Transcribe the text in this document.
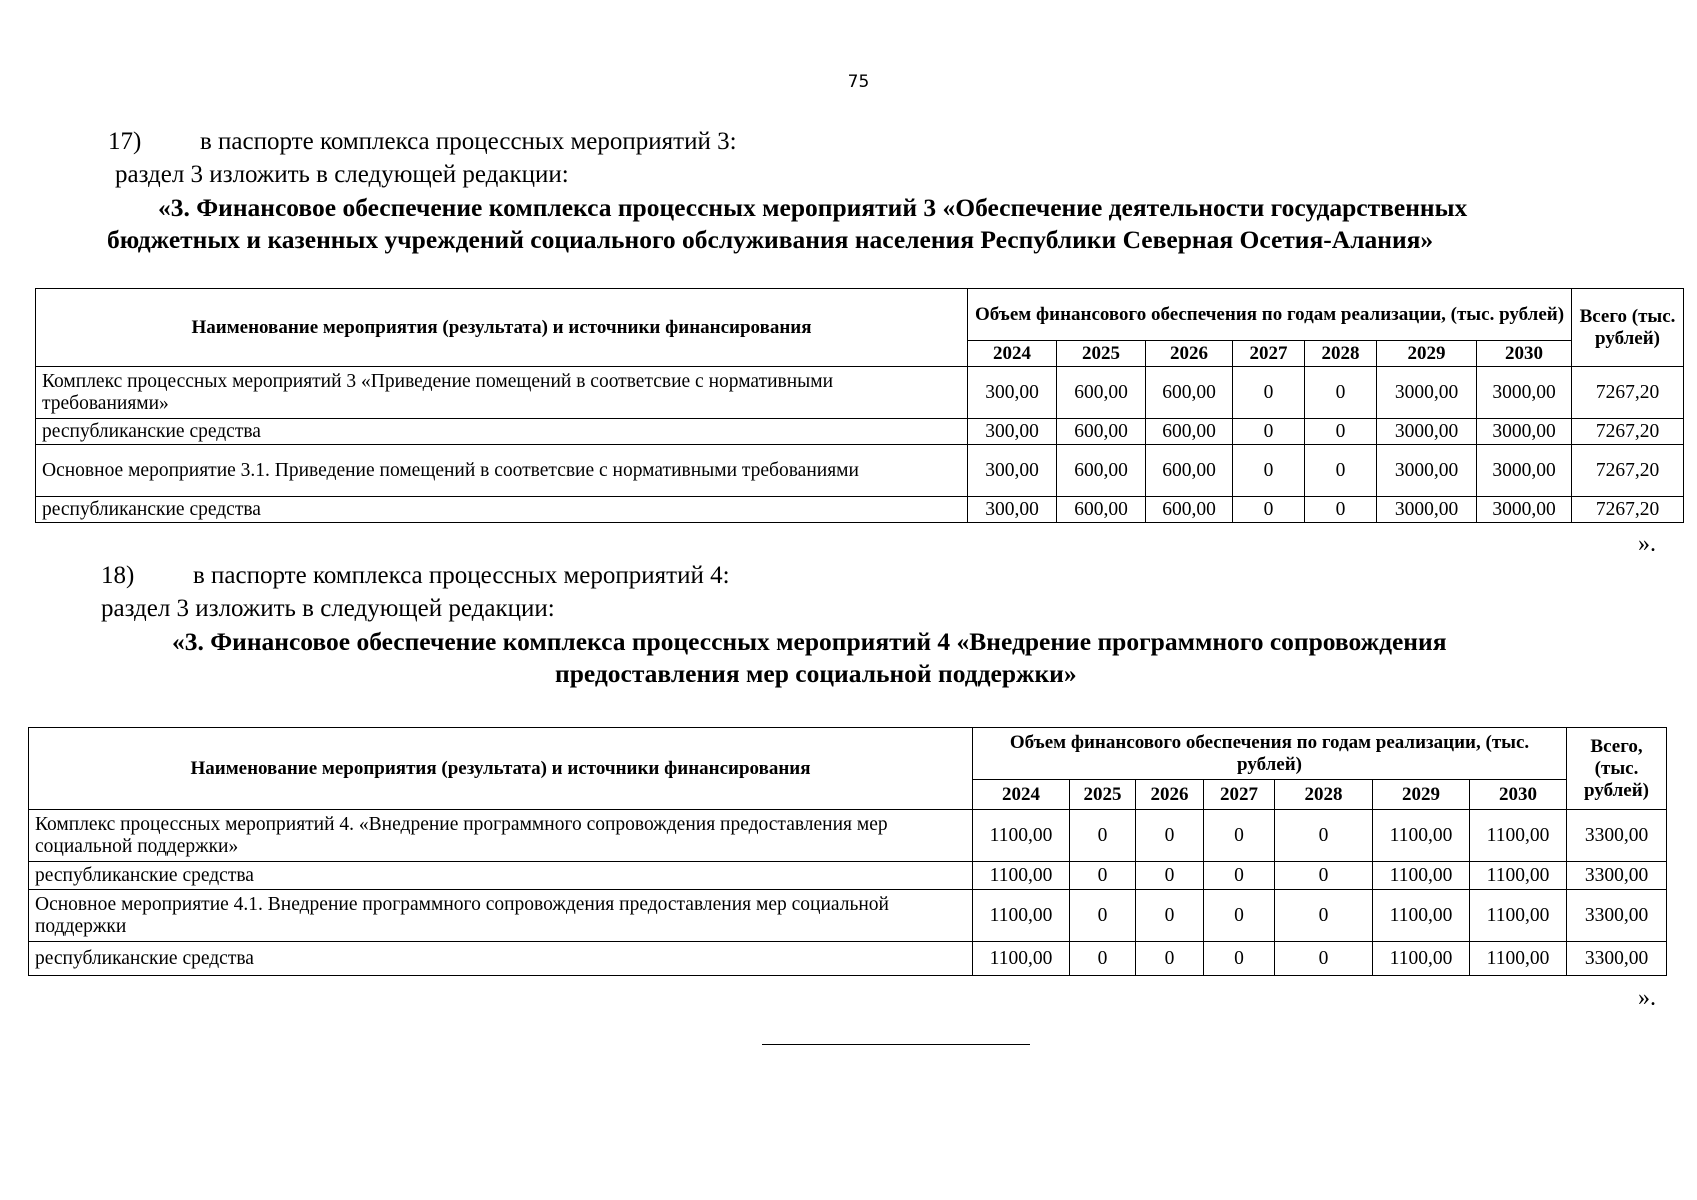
75
17) в паспорте комплекса процессных мероприятий 3:
раздел 3 изложить в следующей редакции:
«3. Финансовое обеспечение комплекса процессных мероприятий 3 «Обеспечение деятельности государственных
бюджетных и казенных учреждений социального обслуживания населения Республики Северная Осетия-Алания»
Наименование мероприятия (результата) и источники финансирования	Объем финансового обеспечения по годам реализации, (тыс. рублей)							Всего (тыс. рублей)
	2024	2025	2026	2027	2028	2029	2030	
Комплекс процессных мероприятий 3 «Приведение помещений в соответсвие с нормативными требованиями»	300,00	600,00	600,00	0	0	3000,00	3000,00	7267,20
республиканские средства	300,00	600,00	600,00	0	0	3000,00	3000,00	7267,20
Основное мероприятие 3.1. Приведение помещений в соответсвие с нормативными требованиями	300,00	600,00	600,00	0	0	3000,00	3000,00	7267,20
республиканские средства	300,00	600,00	600,00	0	0	3000,00	3000,00	7267,20
».
18) в паспорте комплекса процессных мероприятий 4:
раздел 3 изложить в следующей редакции:
«3. Финансовое обеспечение комплекса процессных мероприятий 4 «Внедрение программного сопровождения
предоставления мер социальной поддержки»
Наименование мероприятия (результата) и источники финансирования	Объем финансового обеспечения по годам реализации, (тыс. рублей)							Всего, (тыс. рублей)
	2024	2025	2026	2027	2028	2029	2030	
Комплекс процессных мероприятий 4. «Внедрение программного сопровождения предоставления мер социальной поддержки»	1100,00	0	0	0	0	1100,00	1100,00	3300,00
республиканские средства	1100,00	0	0	0	0	1100,00	1100,00	3300,00
Основное мероприятие 4.1. Внедрение программного сопровождения предоставления мер социальной поддержки	1100,00	0	0	0	0	1100,00	1100,00	3300,00
республиканские средства	1100,00	0	0	0	0	1100,00	1100,00	3300,00
».
